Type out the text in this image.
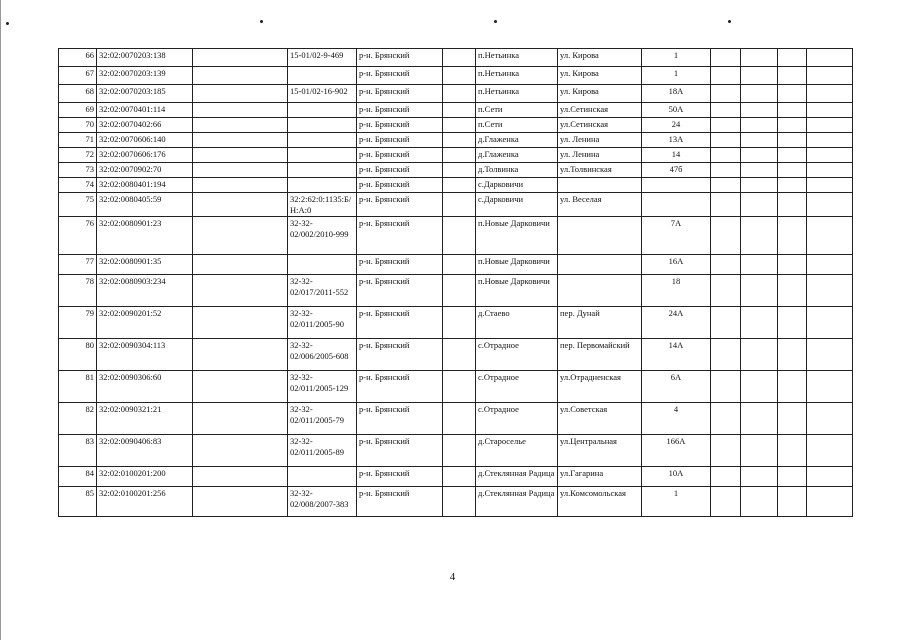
66	32:02:0070203:138		15-01/02-9-469	р-н. Брянский		п.Нетьинка	ул. Кирова	1				
67	32:02:0070203:139			р-н. Брянский		п.Нетьинка	ул. Кирова	1				
68	32:02:0070203:185		15-01/02-16-902	р-н. Брянский		п.Нетьинка	ул. Кирова	18А				
69	32:02:0070401:114			р-н. Брянский		п.Сети	ул.Сетинская	50А				
70	32:02:0070402:66			р-н. Брянский		п.Сети	ул.Сетинская	24				
71	32:02:0070606:140			р-н. Брянский		д.Глаженка	ул. Ленина	13А				
72	32:02:0070606:176			р-н. Брянский		д.Глаженка	ул. Ленина	14				
73	32:02:0070902:70			р-н. Брянский		д.Толвинка	ул.Толвинская	47б				
74	32:02:0080401:194			р-н. Брянский		с.Дарковичи						
75	32:02:0080405:59		32:2:62:0:1135:Б/Н:А:0	р-н. Брянский		с.Дарковичи	ул. Веселая					
76	32:02:0080901:23		32-32-02/002/2010-999	р-н. Брянский		п.Новые Дарковичи		7А				
77	32:02:0080901:35			р-н. Брянский		п.Новые Дарковичи		16А				
78	32:02:0080903:234		32-32-02/017/2011-552	р-н. Брянский		п.Новые Дарковичи		18				
79	32:02:0090201:52		32-32-02/011/2005-90	р-н. Брянский		д.Стаево	пер. Дунай	24А				
80	32:02:0090304:113		32-32-02/006/2005-608	р-н. Брянский		с.Отрадное	пер. Первомайский	14А				
81	32:02:0090306:60		32-32-02/011/2005-129	р-н. Брянский		с.Отрадное	ул.Отрадненская	6А				
82	32:02:0090321:21		32-32-02/011/2005-79	р-н. Брянский		с.Отрадное	ул.Советская	4				
83	32:02:0090406:83		32-32-02/011/2005-89	р-н. Брянский		д.Староселье	ул.Центральная	166А				
84	32:02:0100201:200			р-н. Брянский		д.Стеклянная Радица	ул.Гагарина	10А				
85	32:02:0100201:256		32-32-02/008/2007-383	р-н. Брянский		д.Стеклянная Радица	ул.Комсомольская	1				
4
